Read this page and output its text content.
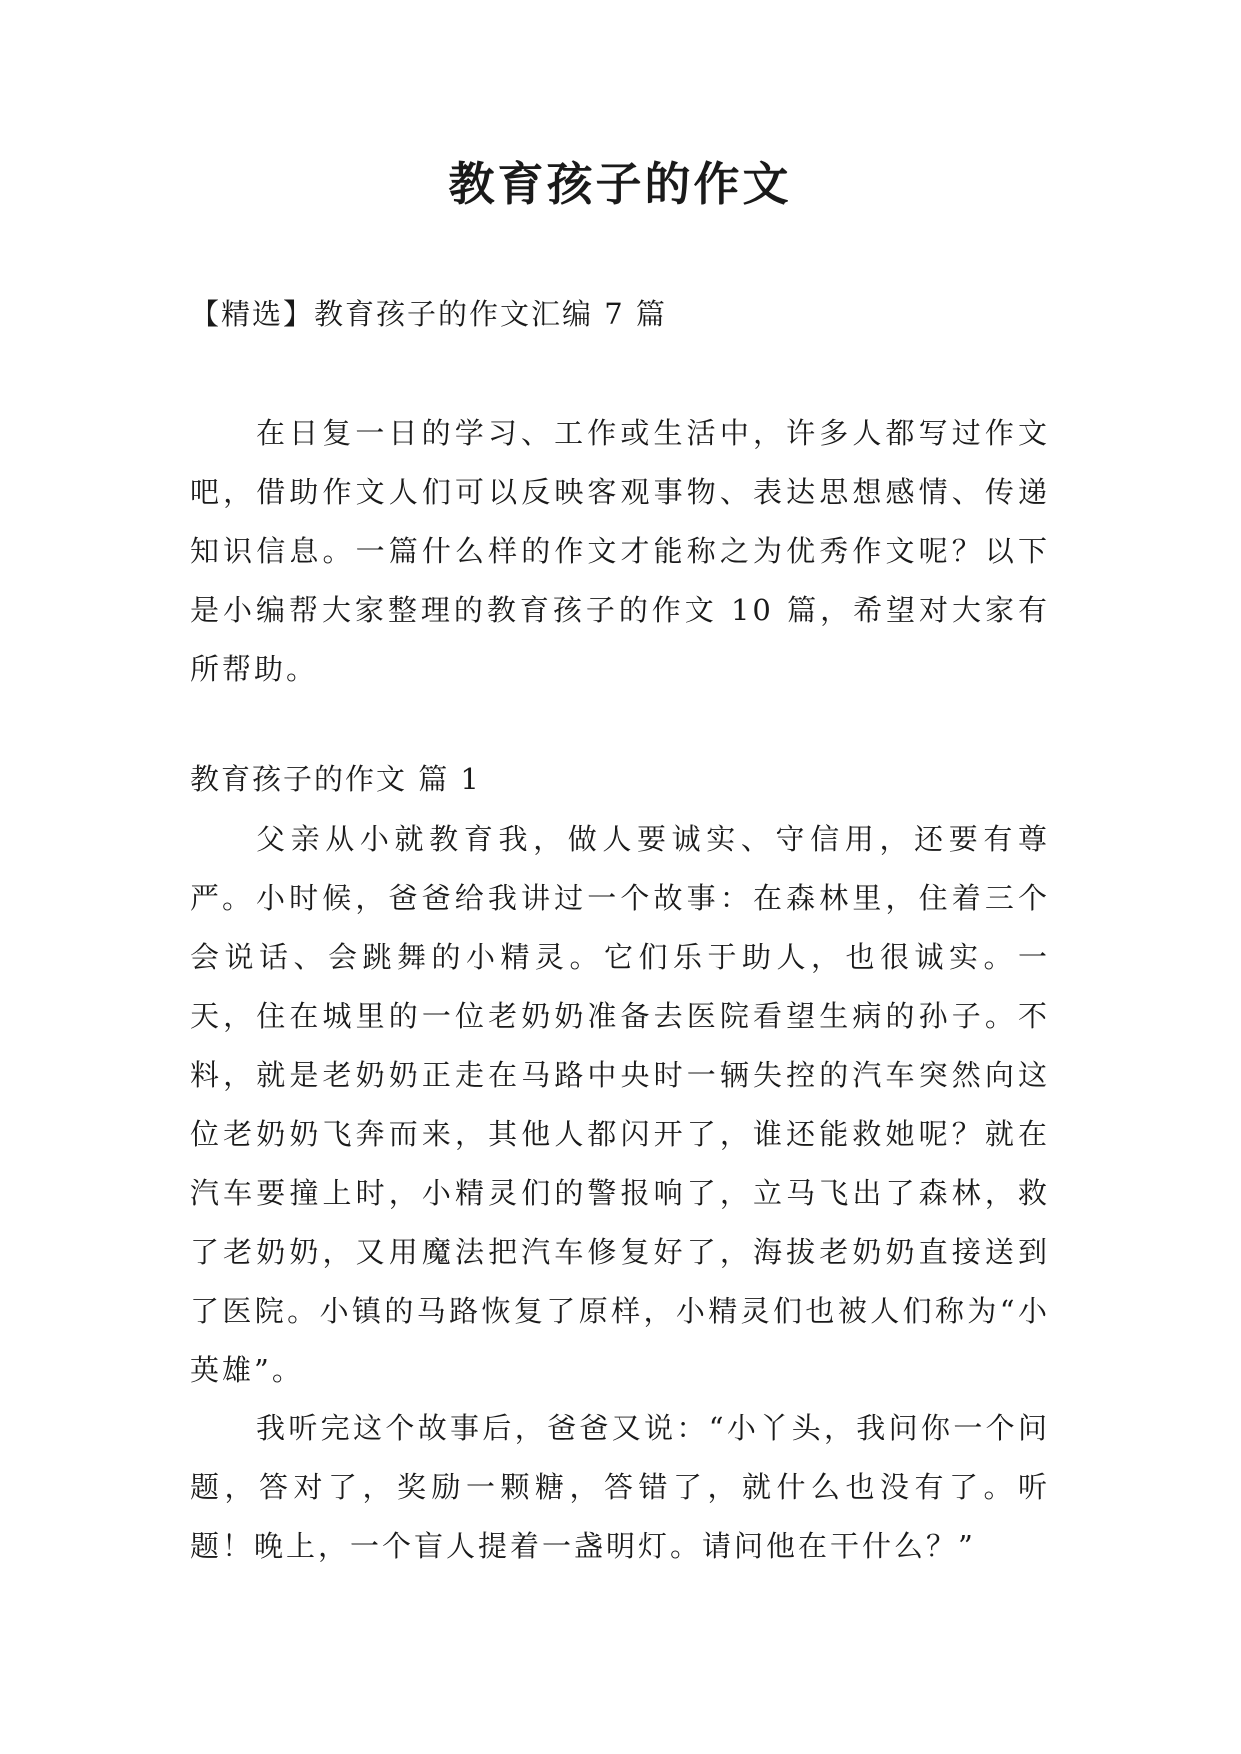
教育孩子的作文

【精选】教育孩子的作文汇编 7 篇

在日复一日的学习、工作或生活中，许多人都写过作文吧，借助作文人们可以反映客观事物、表达思想感情、传递知识信息。一篇什么样的作文才能称之为优秀作文呢？以下是小编帮大家整理的教育孩子的作文 10 篇，希望对大家有所帮助。

教育孩子的作文 篇 1

父亲从小就教育我，做人要诚实、守信用，还要有尊严。 小时候，爸爸给我讲过一个故事：在森林里，住着三个会说话、会跳舞的小精灵。它们乐于助人，也很诚实。一天，住在城里的一位老奶奶准备去医院看望生病的孙子。不料，就是老奶奶正走在马路中央时一辆失控的汽车突然向这位老奶奶飞奔而来，其他人都闪开了，谁还能救她呢？就在汽车要撞上时，小精灵们的警报响了，立马飞出了森林，救了老奶奶，又用魔法把汽车修复好了，海拔老奶奶直接送到了医院。小镇的马路恢复了原样，小精灵们也被人们称为“小英雄”。

我听完这个故事后，爸爸又说：“小丫头，我问你一个问题，答对了，奖励一颗糖，答错了，就什么也没有了。听题！晚上，一个盲人提着一盏明灯。请问他在干什么？”
